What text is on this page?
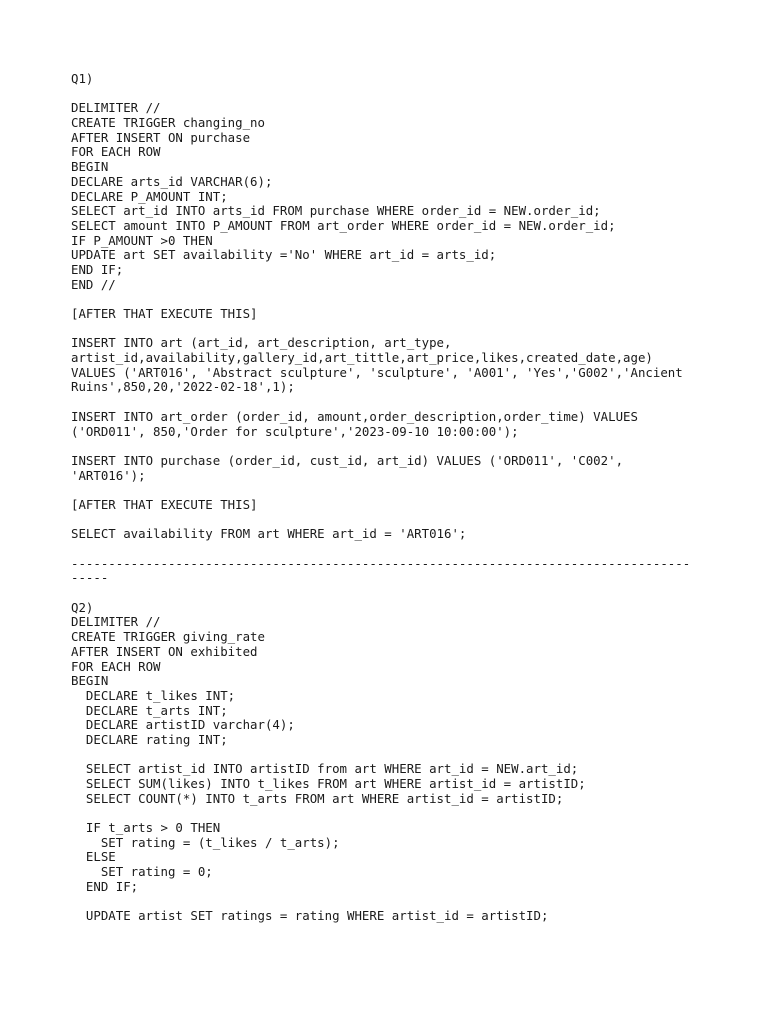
Q1)
DELIMITER //
CREATE TRIGGER changing_no
AFTER INSERT ON purchase
FOR EACH ROW
BEGIN
DECLARE arts_id VARCHAR(6);
DECLARE P_AMOUNT INT;
SELECT art_id INTO arts_id FROM purchase WHERE order_id = NEW.order_id;
SELECT amount INTO P_AMOUNT FROM art_order WHERE order_id = NEW.order_id;
IF P_AMOUNT >0 THEN
UPDATE art SET availability ='No' WHERE art_id = arts_id;
END IF;
END //
[AFTER THAT EXECUTE THIS]
INSERT INTO art (art_id, art_description, art_type,
artist_id,availability,gallery_id,art_tittle,art_price,likes,created_date,age)
VALUES ('ART016', 'Abstract sculpture', 'sculpture', 'A001', 'Yes','G002','Ancient
Ruins',850,20,'2022-02-18',1);
INSERT INTO art_order (order_id, amount,order_description,order_time) VALUES
('ORD011', 850,'Order for sculpture','2023-09-10 10:00:00');
INSERT INTO purchase (order_id, cust_id, art_id) VALUES ('ORD011', 'C002',
'ART016');
[AFTER THAT EXECUTE THIS]
SELECT availability FROM art WHERE art_id = 'ART016';
-----------------------------------------------------------------------------------
-----
Q2)
DELIMITER //
CREATE TRIGGER giving_rate
AFTER INSERT ON exhibited
FOR EACH ROW
BEGIN
DECLARE t_likes INT;
DECLARE t_arts INT;
DECLARE artistID varchar(4);
DECLARE rating INT;
SELECT artist_id INTO artistID from art WHERE art_id = NEW.art_id;
SELECT SUM(likes) INTO t_likes FROM art WHERE artist_id = artistID;
SELECT COUNT(*) INTO t_arts FROM art WHERE artist_id = artistID;
IF t_arts > 0 THEN
SET rating = (t_likes / t_arts);
ELSE
SET rating = 0;
END IF;
UPDATE artist SET ratings = rating WHERE artist_id = artistID;
